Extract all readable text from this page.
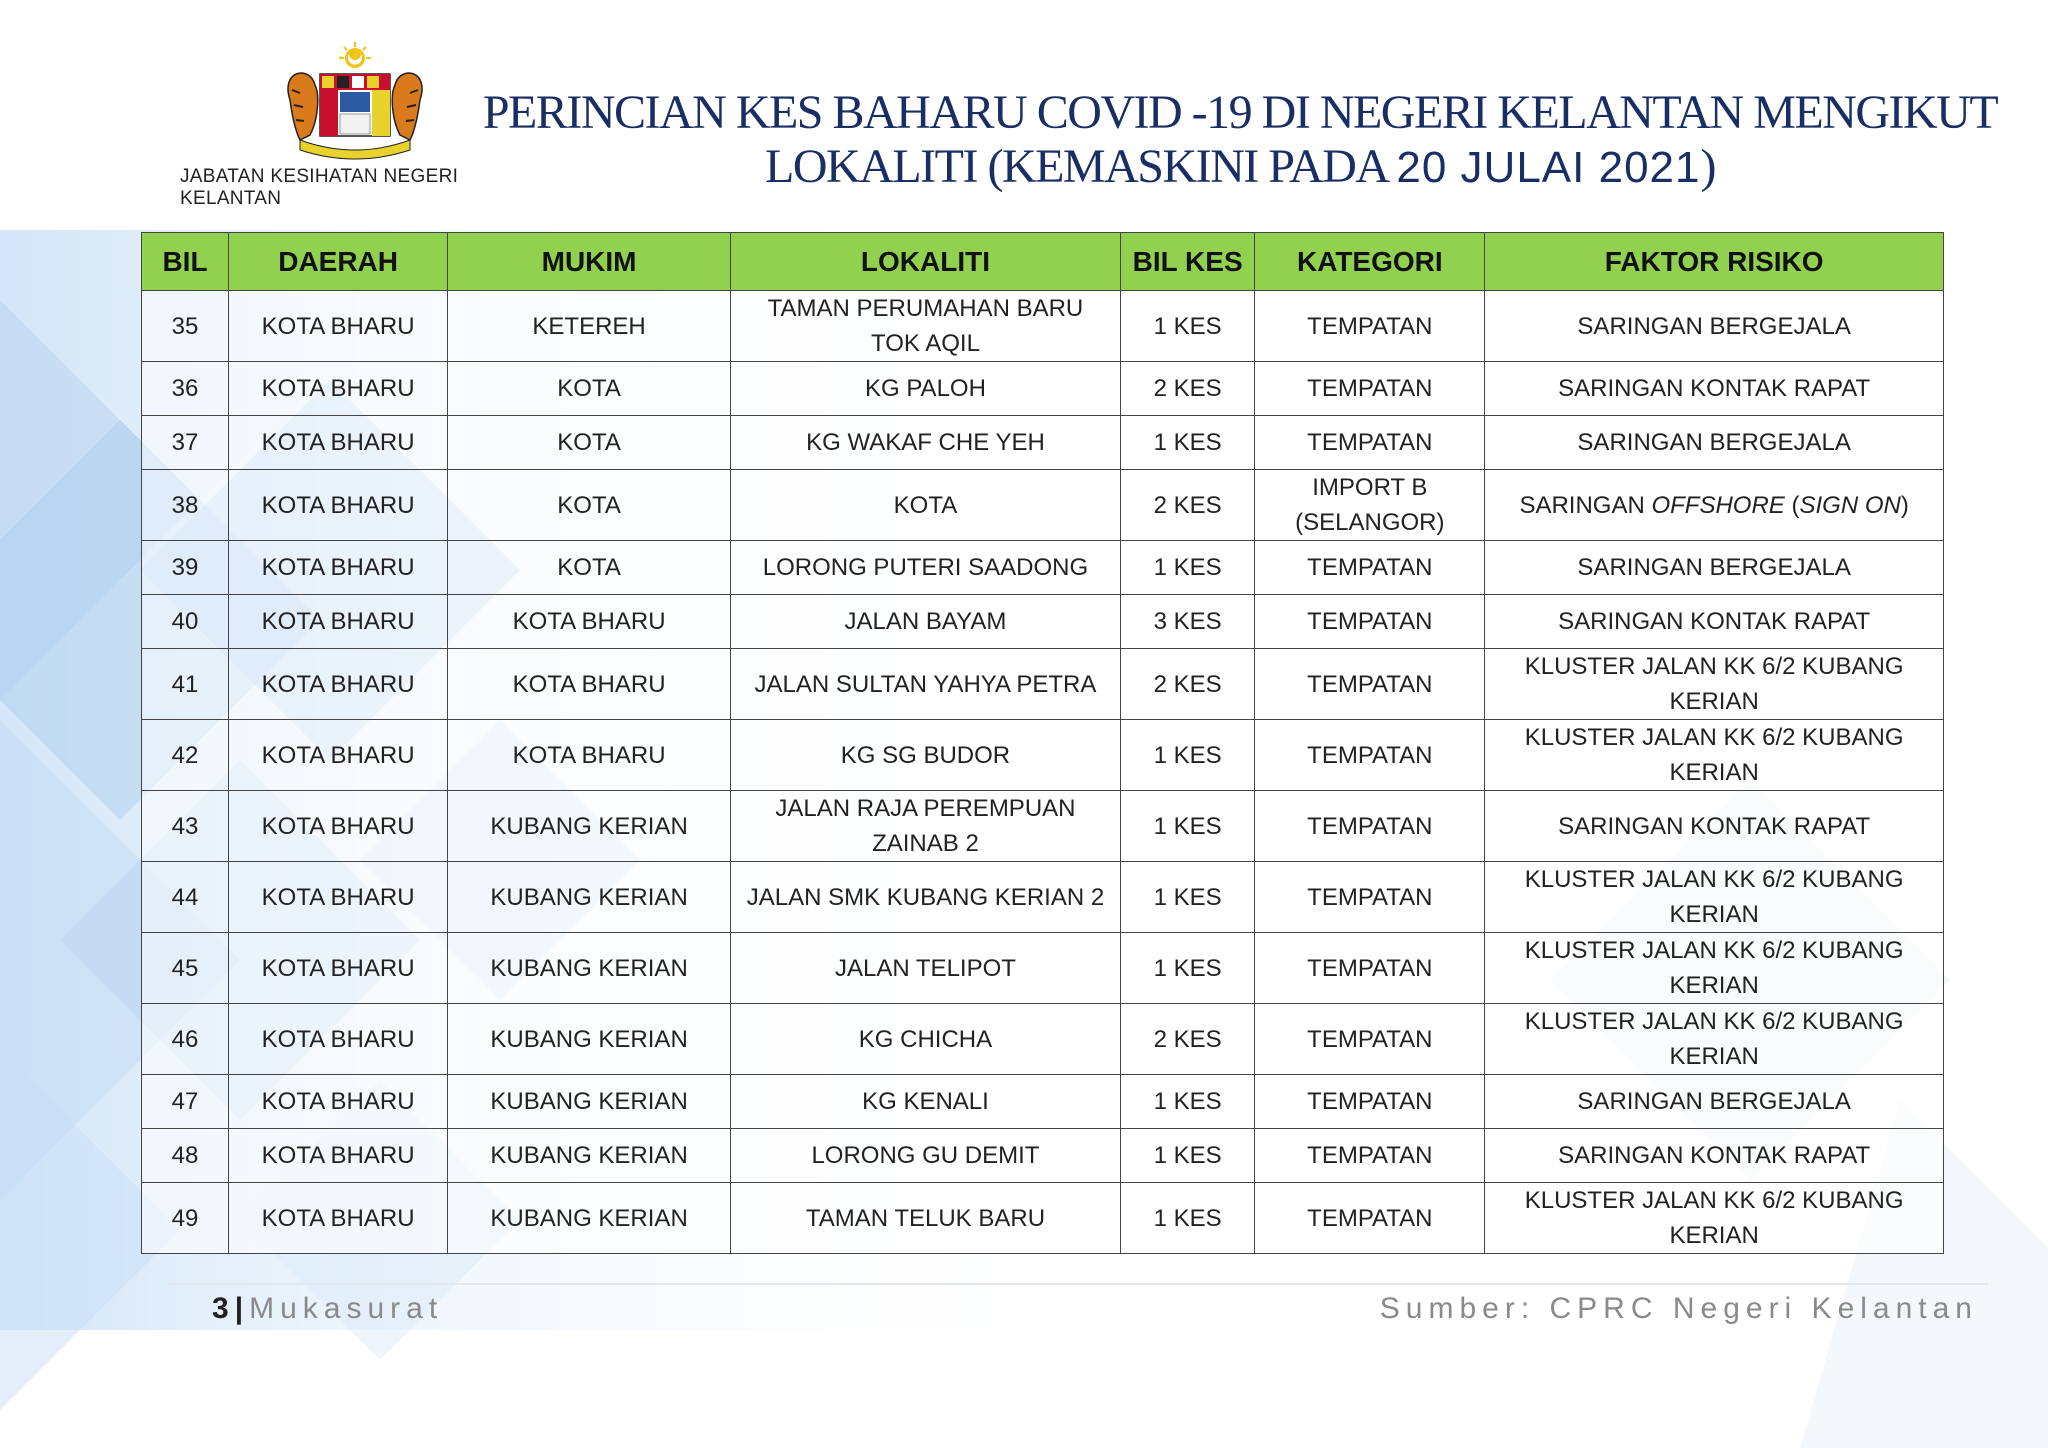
JABATAN KESIHATAN NEGERI KELANTAN
PERINCIAN KES BAHARU COVID -19 DI NEGERI KELANTAN MENGIKUT
LOKALITI (KEMASKINI PADA 20 JULAI 2021)
BIL	DAERAH	MUKIM	LOKALITI	BIL KES	KATEGORI	FAKTOR RISIKO
35	KOTA BHARU	KETEREH	TAMAN PERUMAHAN BARU TOK AQIL	1 KES	TEMPATAN	SARINGAN BERGEJALA
36	KOTA BHARU	KOTA	KG PALOH	2 KES	TEMPATAN	SARINGAN KONTAK RAPAT
37	KOTA BHARU	KOTA	KG WAKAF CHE YEH	1 KES	TEMPATAN	SARINGAN BERGEJALA
38	KOTA BHARU	KOTA	KOTA	2 KES	IMPORT B (SELANGOR)	SARINGAN OFFSHORE (SIGN ON)
39	KOTA BHARU	KOTA	LORONG PUTERI SAADONG	1 KES	TEMPATAN	SARINGAN BERGEJALA
40	KOTA BHARU	KOTA BHARU	JALAN BAYAM	3 KES	TEMPATAN	SARINGAN KONTAK RAPAT
41	KOTA BHARU	KOTA BHARU	JALAN SULTAN YAHYA PETRA	2 KES	TEMPATAN	KLUSTER JALAN KK 6/2 KUBANG KERIAN
42	KOTA BHARU	KOTA BHARU	KG SG BUDOR	1 KES	TEMPATAN	KLUSTER JALAN KK 6/2 KUBANG KERIAN
43	KOTA BHARU	KUBANG KERIAN	JALAN RAJA PEREMPUAN ZAINAB 2	1 KES	TEMPATAN	SARINGAN KONTAK RAPAT
44	KOTA BHARU	KUBANG KERIAN	JALAN SMK KUBANG KERIAN 2	1 KES	TEMPATAN	KLUSTER JALAN KK 6/2 KUBANG KERIAN
45	KOTA BHARU	KUBANG KERIAN	JALAN TELIPOT	1 KES	TEMPATAN	KLUSTER JALAN KK 6/2 KUBANG KERIAN
46	KOTA BHARU	KUBANG KERIAN	KG CHICHA	2 KES	TEMPATAN	KLUSTER JALAN KK 6/2 KUBANG KERIAN
47	KOTA BHARU	KUBANG KERIAN	KG KENALI	1 KES	TEMPATAN	SARINGAN BERGEJALA
48	KOTA BHARU	KUBANG KERIAN	LORONG GU DEMIT	1 KES	TEMPATAN	SARINGAN KONTAK RAPAT
49	KOTA BHARU	KUBANG KERIAN	TAMAN TELUK BARU	1 KES	TEMPATAN	KLUSTER JALAN KK 6/2 KUBANG KERIAN
3 | Mukasurat	Sumber: CPRC Negeri Kelantan
